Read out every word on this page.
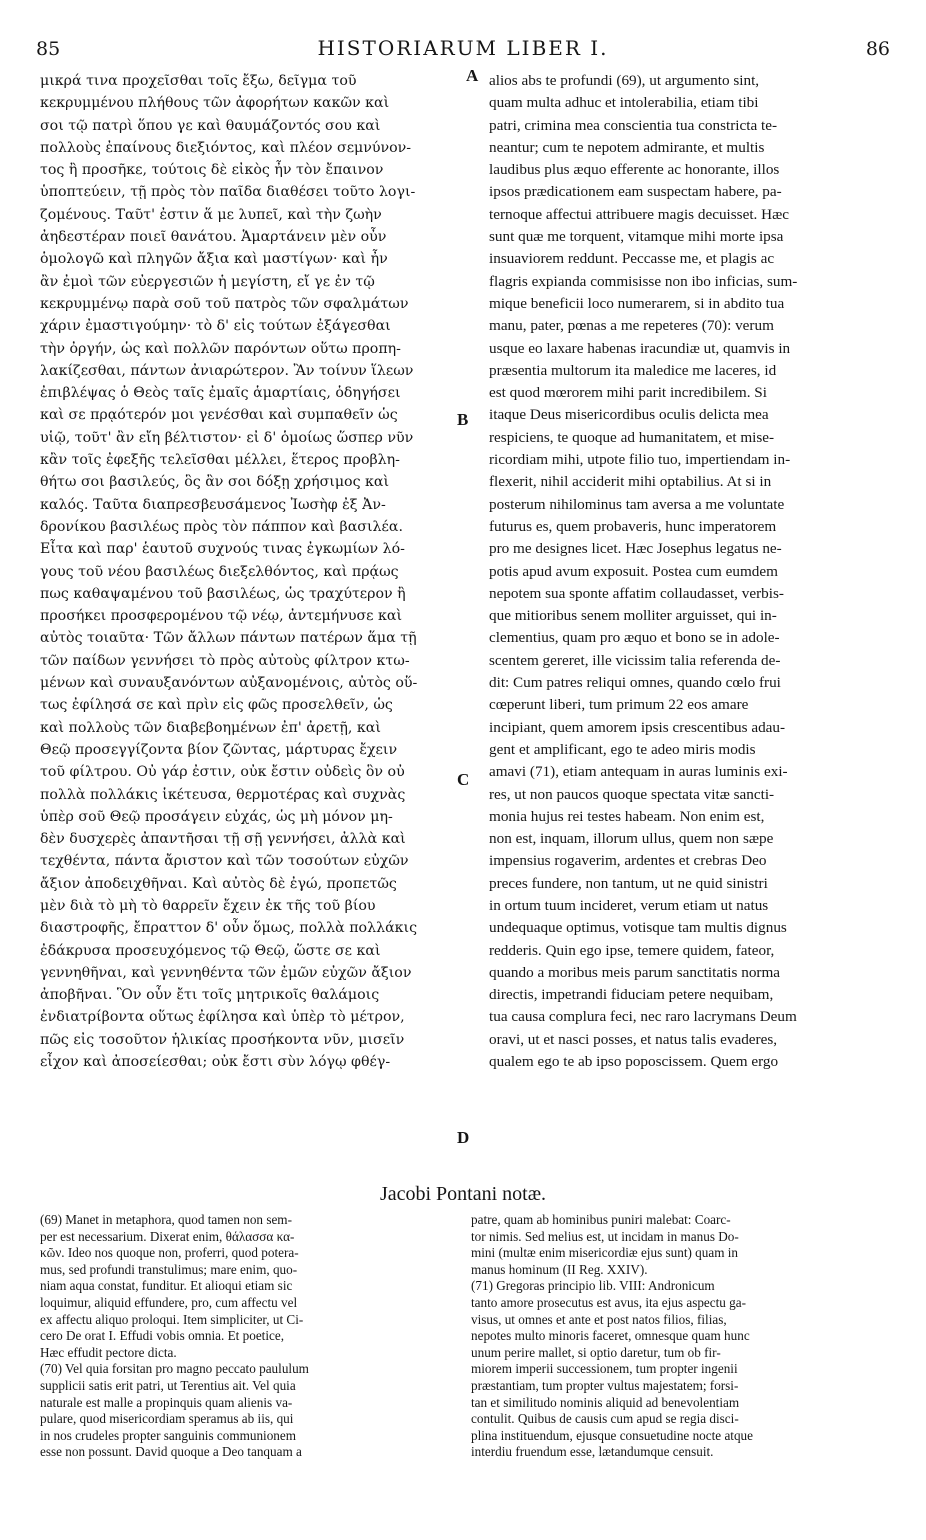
85	HISTORIARUM LIBER I.	86
μικρά τινα προχεῖσθαι τοῖς ἔξω, δεῖγμα τοῦ
κεκρυμμένου πλήθους τῶν ἀφορήτων κακῶν καὶ
σοι τῷ πατρὶ ὅπου γε καὶ θαυμάζοντός σου καὶ
πολλοὺς ἐπαίνους διεξιόντος, καὶ πλέον σεμνύνον-
τος ἢ προσῆκε, τούτοις δὲ εἰκὸς ἦν τὸν ἔπαινον
ὑποπτεύειν, τῇ πρὸς τὸν παῖδα διαθέσει τοῦτο λογι-
ζομένους. Ταῦτ' ἐστιν ἅ με λυπεῖ, καὶ τὴν ζωὴν
ἀηδεστέραν ποιεῖ θανάτου. Ἁμαρτάνειν μὲν οὖν
ὁμολογῶ καὶ πληγῶν ἄξια καὶ μαστίγων· καὶ ἦν
ἂν ἐμοὶ τῶν εὐεργεσιῶν ἡ μεγίστη, εἴ γε ἐν τῷ
κεκρυμμένῳ παρὰ σοῦ τοῦ πατρὸς τῶν σφαλμάτων
χάριν ἐμαστιγούμην· τὸ δ' εἰς τούτων ἐξάγεσθαι
τὴν ὀργήν, ὡς καὶ πολλῶν παρόντων οὕτω προπη-
λακίζεσθαι, πάντων ἀνιαρώτερον. Ἂν τοίνυν ἵλεων
ἐπιβλέψας ὁ Θεὸς ταῖς ἐμαῖς ἁμαρτίαις, ὁδηγήσει
καὶ σε πρᾳότερόν μοι γενέσθαι καὶ συμπαθεῖν ὡς
υἱῷ, τοῦτ' ἂν εἴη βέλτιστον· εἰ δ' ὁμοίως ὥσπερ νῦν
κἂν τοῖς ἐφεξῆς τελεῖσθαι μέλλει, ἕτερος προβλη-
θήτω σοι βασιλεύς, ὃς ἂν σοι δόξῃ χρήσιμος καὶ
καλός. Ταῦτα διαπρεσβευσάμενος Ἰωσὴφ ἐξ Ἀν-
δρονίκου βασιλέως πρὸς τὸν πάππον καὶ βασιλέα.
Εἶτα καὶ παρ' ἑαυτοῦ συχνούς τινας ἐγκωμίων λό-
γους τοῦ νέου βασιλέως διεξελθόντος, καὶ πρᾴως
πως καθαψαμένου τοῦ βασιλέως, ὡς τραχύτερον ἢ
προσήκει προσφερομένου τῷ νέῳ, ἀντεμήνυσε καὶ
αὐτὸς τοιαῦτα· Τῶν ἄλλων πάντων πατέρων ἅμα τῇ
τῶν παίδων γεννήσει τὸ πρὸς αὐτοὺς φίλτρον κτω-
μένων καὶ συναυξανόντων αὐξανομένοις, αὐτὸς οὕ-
τως ἐφίλησά σε καὶ πρὶν εἰς φῶς προσελθεῖν, ὡς
καὶ πολλοὺς τῶν διαβεβοημένων ἐπ' ἀρετῇ, καὶ
Θεῷ προσεγγίζοντα βίον ζῶντας, μάρτυρας ἔχειν
τοῦ φίλτρου. Οὐ γάρ ἐστιν, οὐκ ἔστιν οὐδεὶς ὃν οὐ
πολλὰ πολλάκις ἱκέτευσα, θερμοτέρας καὶ συχνὰς
ὑπὲρ σοῦ Θεῷ προσάγειν εὐχάς, ὡς μὴ μόνον μη-
δὲν δυσχερὲς ἀπαντῆσαι τῇ σῇ γεννήσει, ἀλλὰ καὶ
τεχθέντα, πάντα ἄριστον καὶ τῶν τοσούτων εὐχῶν
ἄξιον ἀποδειχθῆναι. Καὶ αὐτὸς δὲ ἐγώ, προπετῶς
μὲν διὰ τὸ μὴ τὸ θαρρεῖν ἔχειν ἐκ τῆς τοῦ βίου
διαστροφῆς, ἔπραττον δ' οὖν ὅμως, πολλὰ πολλάκις
ἐδάκρυσα προσευχόμενος τῷ Θεῷ, ὥστε σε καὶ
γεννηθῆναι, καὶ γεννηθέντα τῶν ἐμῶν εὐχῶν ἄξιον
ἀποβῆναι. Ὃν οὖν ἔτι τοῖς μητρικοῖς θαλάμοις
ἐνδιατρίβοντα οὕτως ἐφίλησα καὶ ὑπὲρ τὸ μέτρον,
πῶς εἰς τοσοῦτον ἡλικίας προσήκοντα νῦν, μισεῖν
εἶχον καὶ ἀποσείεσθαι; οὐκ ἔστι σὺν λόγῳ φθέγ-
alios abs te profundi (69), ut argumento sint,
quam multa adhuc et intolerabilia, etiam tibi
patri, crimina mea conscientia tua constricta te-
neantur; cum te nepotem admirante, et multis
laudibus plus æquo efferente ac honorante, illos
ipsos prædicationem eam suspectam habere, pa-
ternoque affectui attribuere magis decuisset. Hæc
sunt quæ me torquent, vitamque mihi morte ipsa
insuaviorem reddunt. Peccasse me, et plagis ac
flagris expianda commisisse non ibo inficias, sum-
mique beneficii loco numerarem, si in abdito tua
manu, pater, pœnas a me repeteres (70): verum
usque eo laxare habenas iracundiæ ut, quamvis in
præsentia multorum ita maledice me laceres, id
est quod mœrorem mihi parit incredibilem. Si
itaque Deus misericordibus oculis delicta mea
respiciens, te quoque ad humanitatem, et mise-
ricordiam mihi, utpote filio tuo, impertiendam in-
flexerit, nihil acciderit mihi optabilius. At si in
posterum nihilominus tam aversa a me voluntate
futurus es, quem probaveris, hunc imperatorem
pro me designes licet. Hæc Josephus legatus ne-
potis apud avum exposuit. Postea cum eumdem
nepotem sua sponte affatim collaudasset, verbis-
que mitioribus senem molliter arguisset, qui in-
clementius, quam pro æquo et bono se in adole-
scentem gereret, ille vicissim talia referenda de-
dit: Cum patres reliqui omnes, quando cœlo frui
cœperunt liberi, tum primum 22 eos amare
incipiant, quem amorem ipsis crescentibus adau-
gent et amplificant, ego te adeo miris modis
amavi (71), etiam antequam in auras luminis exi-
res, ut non paucos quoque spectata vitæ sancti-
monia hujus rei testes habeam. Non enim est,
non est, inquam, illorum ullus, quem non sæpe
impensius rogaverim, ardentes et crebras Deo
preces fundere, non tantum, ut ne quid sinistri
in ortum tuum incideret, verum etiam ut natus
undequaque optimus, votisque tam multis dignus
redderis. Quin ego ipse, temere quidem, fateor,
quando a moribus meis parum sanctitatis norma
directis, impetrandi fiduciam petere nequibam,
tua causa complura feci, nec raro lacrymans Deum
oravi, ut et nasci posses, et natus talis evaderes,
qualem ego te ab ipso poposcissem. Quem ergo
A
B
C
D
Jacobi Pontani notæ.
(69) Manet in metaphora, quod tamen non sem-
per est necessarium. Dixerat enim, θάλασσα κα-
κῶν. Ideo nos quoque non, proferri, quod potera-
mus, sed profundi transtulimus; mare enim, quo-
niam aqua constat, funditur. Et alioqui etiam sic
loquimur, aliquid effundere, pro, cum affectu vel
ex affectu aliquo proloqui. Item simpliciter, ut Ci-
cero De orat I. Effudi vobis omnia. Et poetice,
Hæc effudit pectore dicta.
(70) Vel quia forsitan pro magno peccato paululum
supplicii satis erit patri, ut Terentius ait. Vel quia
naturale est malle a propinquis quam alienis va-
pulare, quod misericordiam speramus ab iis, qui
in nos crudeles propter sanguinis communionem
esse non possunt. David quoque a Deo tanquam a
patre, quam ab hominibus puniri malebat: Coarc-
tor nimis. Sed melius est, ut incidam in manus Do-
mini (multæ enim misericordiæ ejus sunt) quam in
manus hominum (II Reg. XXIV).
(71) Gregoras principio lib. VIII: Andronicum
tanto amore prosecutus est avus, ita ejus aspectu ga-
visus, ut omnes et ante et post natos filios, filias,
nepotes multo minoris faceret, omnesque quam hunc
unum perire mallet, si optio daretur, tum ob fir-
miorem imperii successionem, tum propter ingenii
præstantiam, tum propter vultus majestatem; forsi-
tan et similitudo nominis aliquid ad benevolentiam
contulit. Quibus de causis cum apud se regia disci-
plina instituendum, ejusque consuetudine nocte atque
interdiu fruendum esse, lætandumque censuit.
